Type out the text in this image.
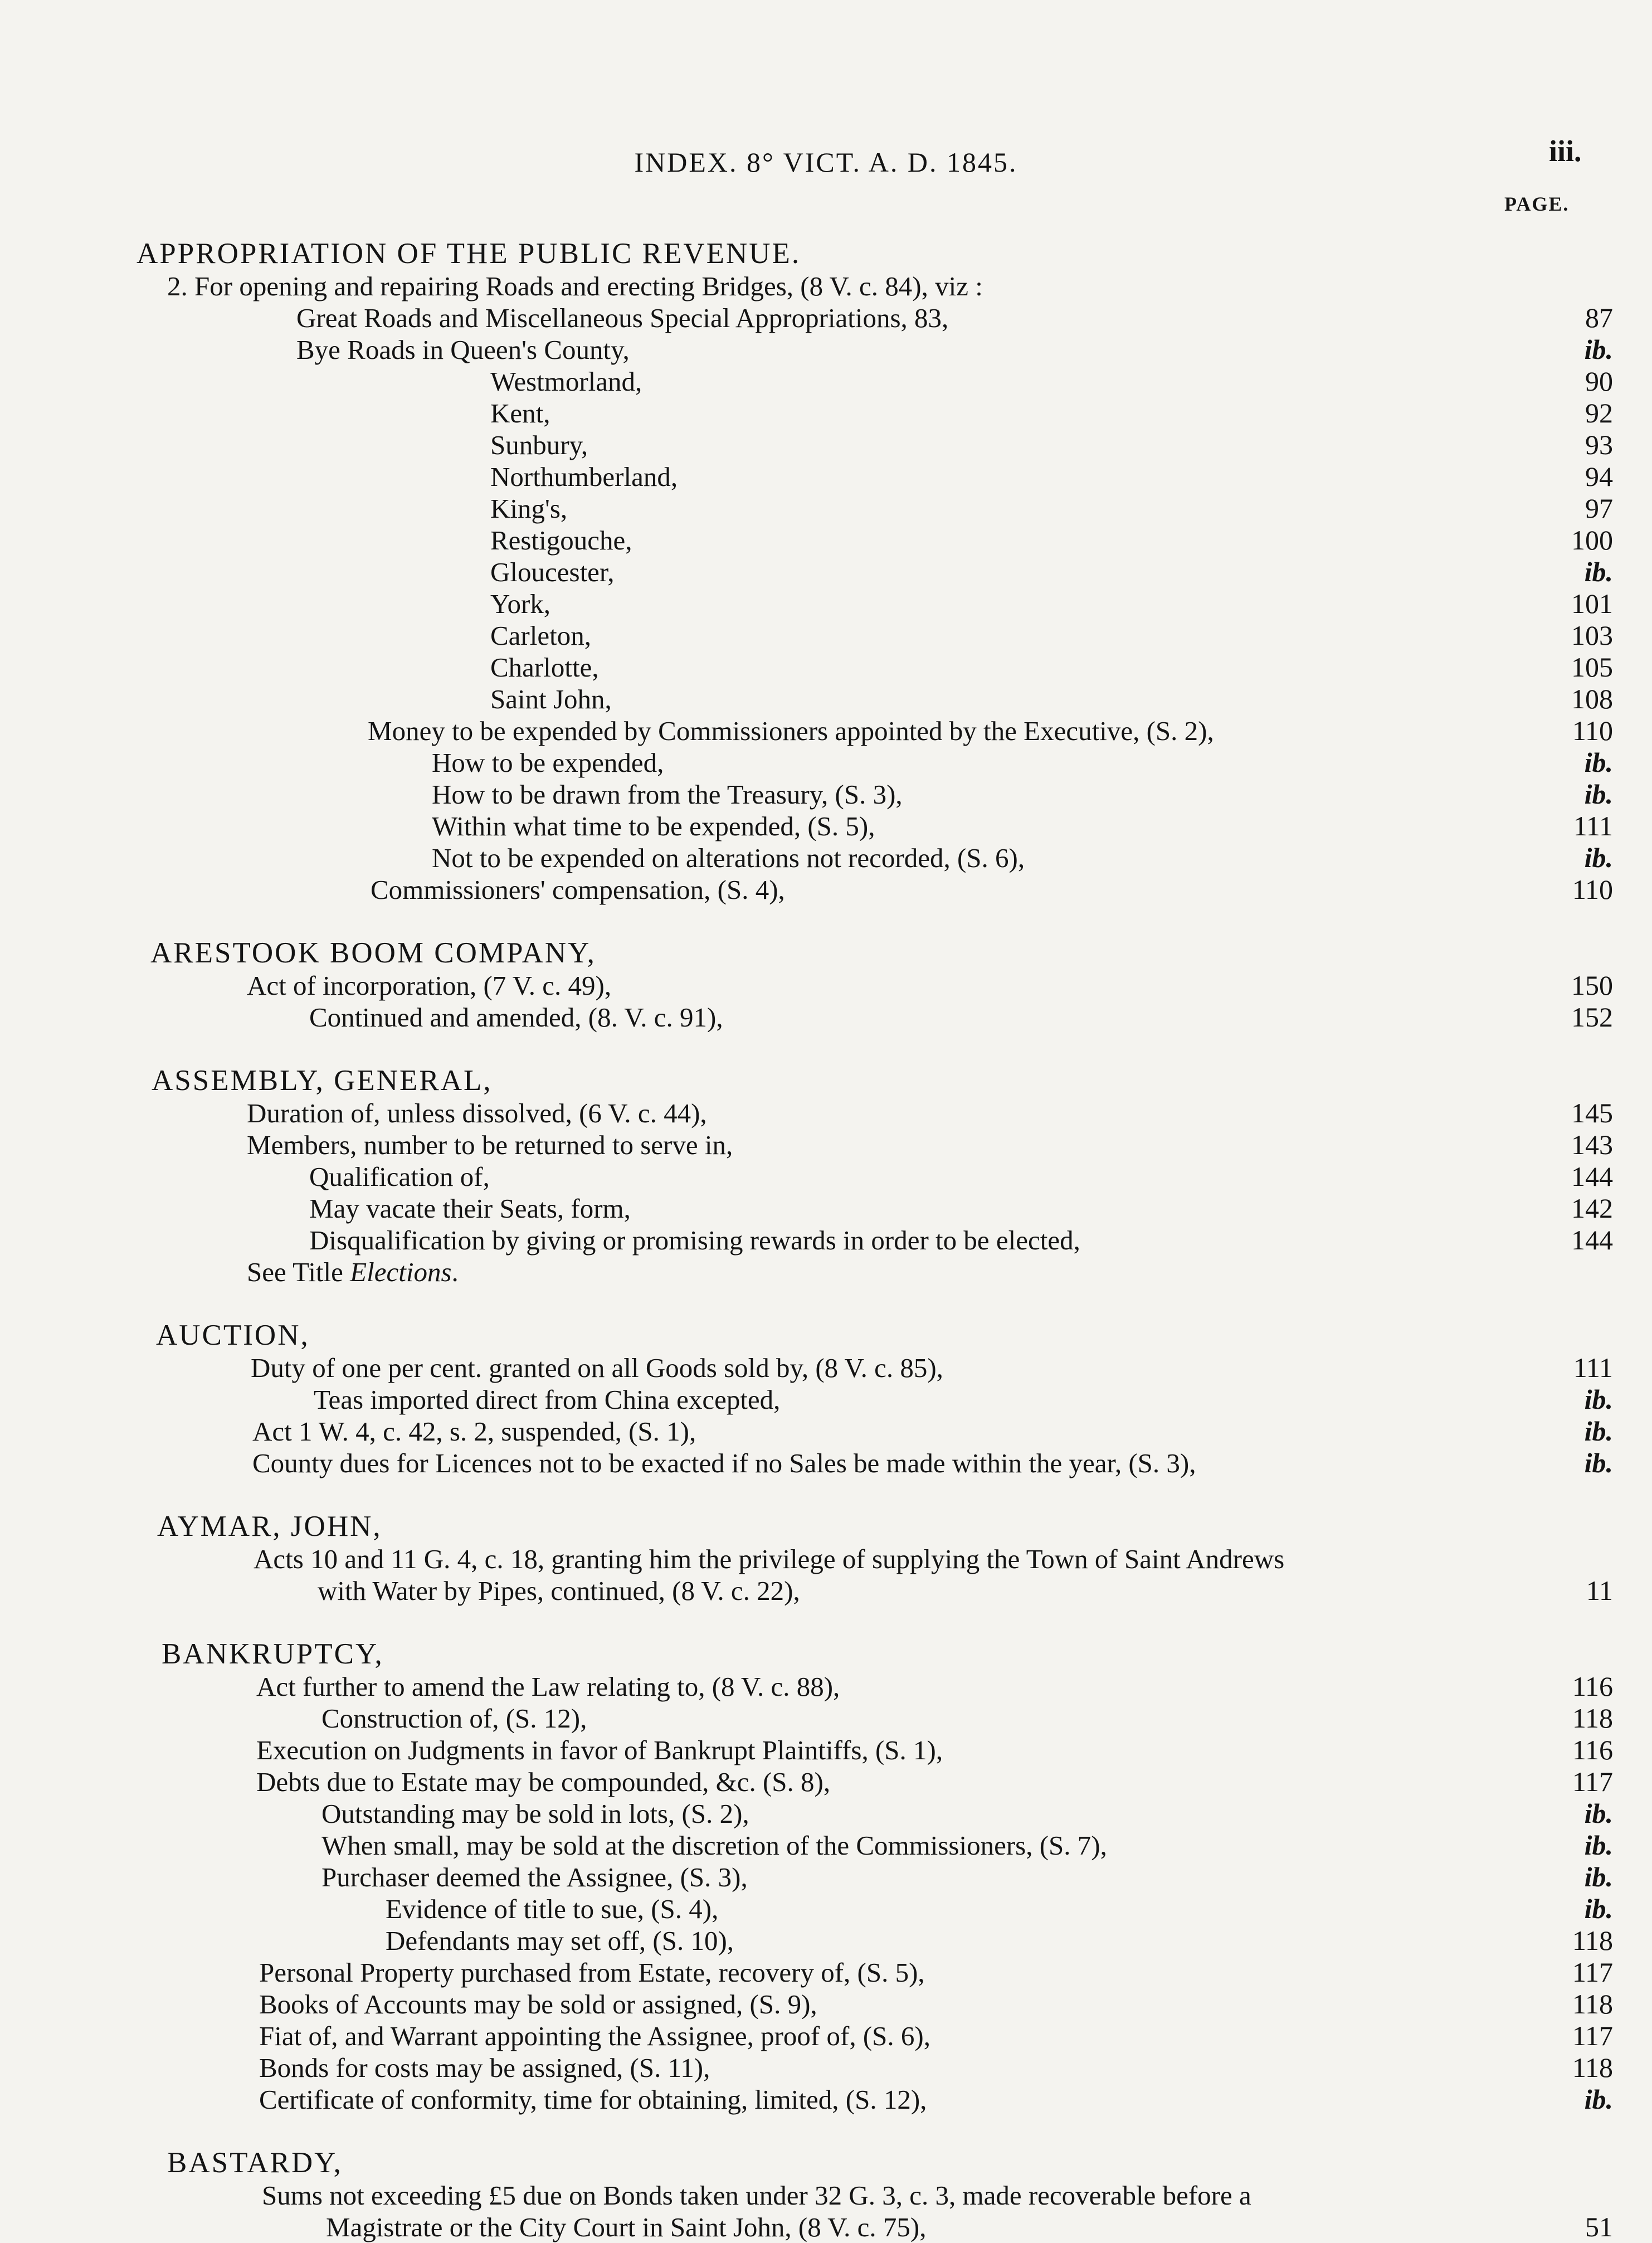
INDEX. 8° VICT. A. D. 1845.	iii.
PAGE.
APPROPRIATION OF THE PUBLIC REVENUE.
2. For opening and repairing Roads and erecting Bridges, (8 V. c. 84), viz :
Great Roads and Miscellaneous Special Appropriations, 83,	87
Bye Roads in Queen's County,	ib.
Westmorland,	90
Kent,	92
Sunbury,	93
Northumberland,	94
King's,	97
Restigouche,	100
Gloucester,	ib.
York,	101
Carleton,	103
Charlotte,	105
Saint John,	108
Money to be expended by Commissioners appointed by the Executive, (S. 2),	110
How to be expended,	ib.
How to be drawn from the Treasury, (S. 3),	ib.
Within what time to be expended, (S. 5),	111
Not to be expended on alterations not recorded, (S. 6),	ib.
Commissioners' compensation, (S. 4),	110
ARESTOOK BOOM COMPANY,
Act of incorporation, (7 V. c. 49),	150
Continued and amended, (8. V. c. 91),	152
ASSEMBLY, GENERAL,
Duration of, unless dissolved, (6 V. c. 44),	145
Members, number to be returned to serve in,	143
Qualification of,	144
May vacate their Seats, form,	142
Disqualification by giving or promising rewards in order to be elected,	144
See Title Elections.
AUCTION,
Duty of one per cent. granted on all Goods sold by, (8 V. c. 85),	111
Teas imported direct from China excepted,	ib.
Act 1 W. 4, c. 42, s. 2, suspended, (S. 1),	ib.
County dues for Licences not to be exacted if no Sales be made within the year, (S. 3),	ib.
AYMAR, JOHN,
Acts 10 and 11 G. 4, c. 18, granting him the privilege of supplying the Town of Saint Andrews
with Water by Pipes, continued, (8 V. c. 22),	11
BANKRUPTCY,
Act further to amend the Law relating to, (8 V. c. 88),	116
Construction of, (S. 12),	118
Execution on Judgments in favor of Bankrupt Plaintiffs, (S. 1),	116
Debts due to Estate may be compounded, &c. (S. 8),	117
Outstanding may be sold in lots, (S. 2),	ib.
When small, may be sold at the discretion of the Commissioners, (S. 7),	ib.
Purchaser deemed the Assignee, (S. 3),	ib.
Evidence of title to sue, (S. 4),	ib.
Defendants may set off, (S. 10),	118
Personal Property purchased from Estate, recovery of, (S. 5),	117
Books of Accounts may be sold or assigned, (S. 9),	118
Fiat of, and Warrant appointing the Assignee, proof of, (S. 6),	117
Bonds for costs may be assigned, (S. 11),	118
Certificate of conformity, time for obtaining, limited, (S. 12),	ib.
BASTARDY,
Sums not exceeding £5 due on Bonds taken under 32 G. 3, c. 3, made recoverable before a
Magistrate or the City Court in Saint John, (8 V. c. 75),	51
